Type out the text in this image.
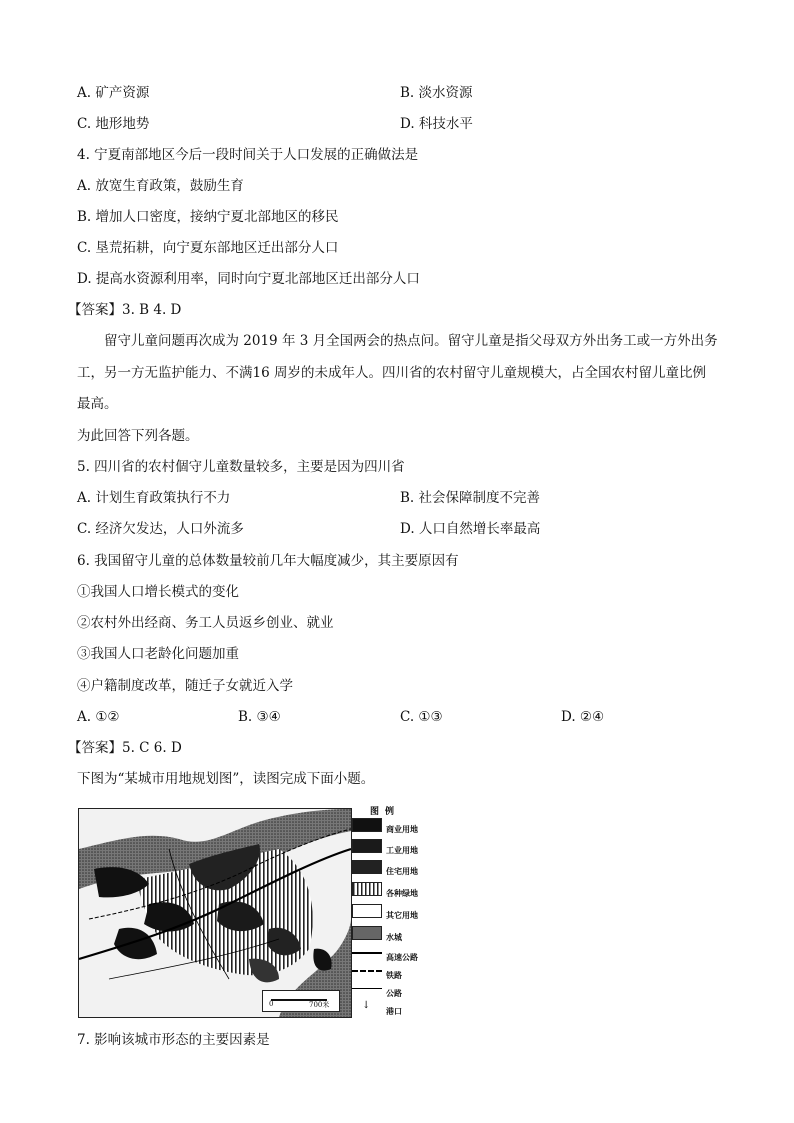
A. 矿产资源	B. 淡水资源
C. 地形地势	D. 科技水平
4. 宁夏南部地区今后一段时间关于人口发展的正确做法是
A. 放宽生育政策，鼓励生育
B. 增加人口密度，接纳宁夏北部地区的移民
C. 垦荒拓耕，向宁夏东部地区迁出部分人口
D. 提高水资源利用率，同时向宁夏北部地区迁出部分人口
【答案】3. B 4. D
留守儿童问题再次成为 2019 年 3 月全国两会的热点问。留守儿童是指父母双方外出务工或一方外出务
工，另一方无监护能力、不满16 周岁的未成年人。四川省的农村留守儿童规模大，占全国农村留儿童比例
最高。
为此回答下列各题。
5. 四川省的农村個守儿童数量较多，主要是因为四川省
A. 计划生育政策执行不力	B. 社会保障制度不完善
C. 经济欠发达，人口外流多	D. 人口自然增长率最高
6. 我国留守儿童的总体数量较前几年大幅度减少，其主要原因有
①我国人口增长模式的变化
②农村外出经商、务工人员返乡创业、就业
③我国人口老龄化问题加重
④户籍制度改革，随迁子女就近入学
A. ①②	B. ③④	C. ①③	D. ②④
【答案】5. C 6. D
下图为“某城市用地规划图”，读图完成下面小题。
0	700米
图例
商业用地
工业用地
住宅用地
各种绿地
其它用地
水城
高速公路
铁路
公路
↓ 港口
7. 影响该城市形态的主要因素是
